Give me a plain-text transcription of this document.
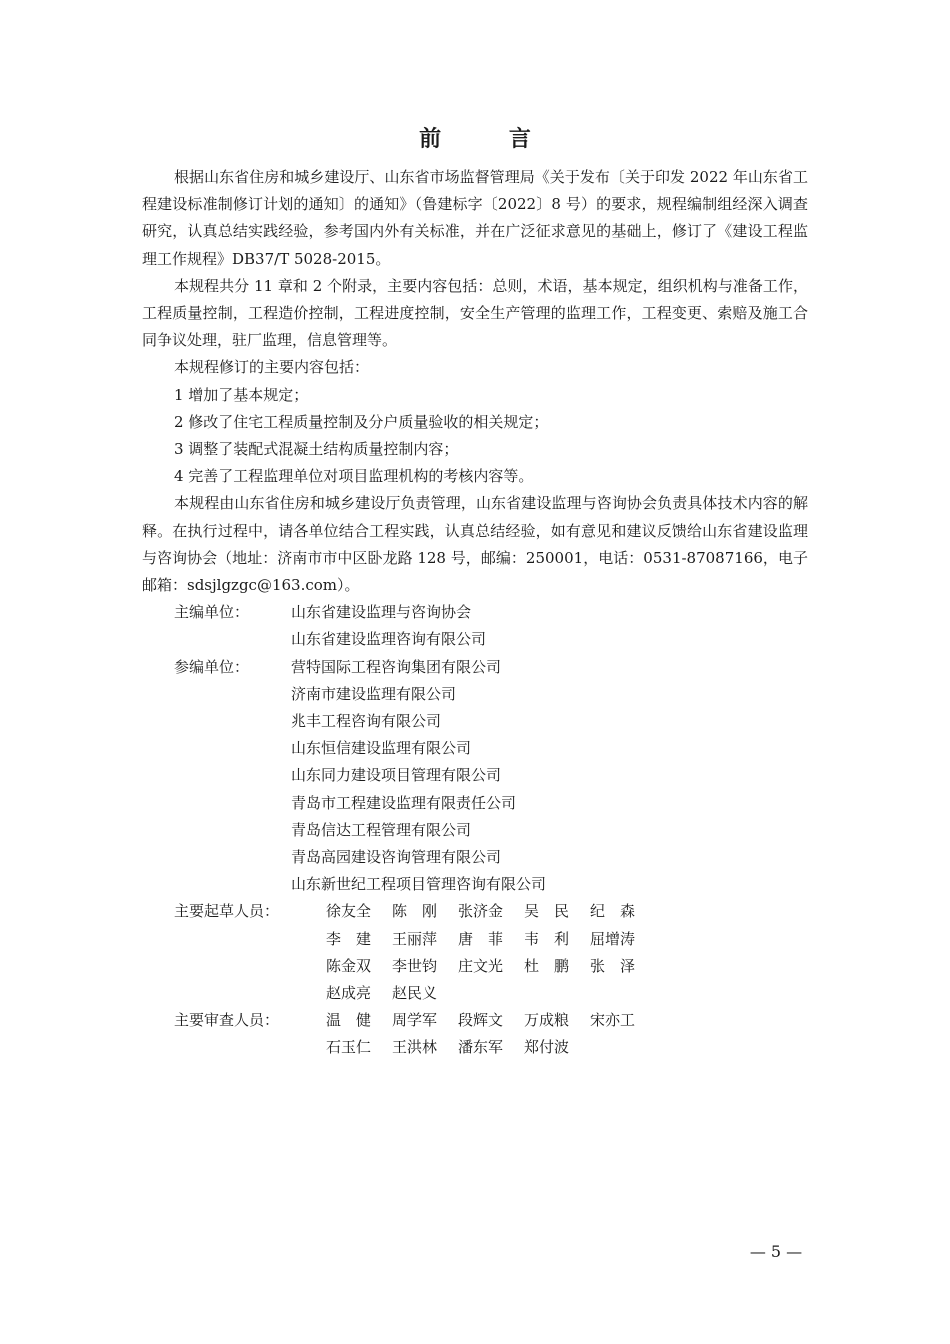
前 言

根据山东省住房和城乡建设厅、山东省市场监督管理局《关于发布〔关于印发 2022 年山东省工程建设标准制修订计划的通知〕的通知》（鲁建标字〔2022〕8 号）的要求，规程编制组经深入调查研究，认真总结实践经验，参考国内外有关标准，并在广泛征求意见的基础上，修订了《建设工程监理工作规程》DB37/T 5028-2015。

本规程共分 11 章和 2 个附录，主要内容包括：总则，术语，基本规定，组织机构与准备工作，工程质量控制，工程造价控制，工程进度控制，安全生产管理的监理工作，工程变更、索赔及施工合同争议处理，驻厂监理，信息管理等。

本规程修订的主要内容包括：

1 增加了基本规定；
2 修改了住宅工程质量控制及分户质量验收的相关规定；
3 调整了装配式混凝土结构质量控制内容；
4 完善了工程监理单位对项目监理机构的考核内容等。

本规程由山东省住房和城乡建设厅负责管理，山东省建设监理与咨询协会负责具体技术内容的解释。在执行过程中，请各单位结合工程实践，认真总结经验，如有意见和建议反馈给山东省建设监理与咨询协会（地址：济南市市中区卧龙路 128 号，邮编：250001，电话：0531-87087166，电子邮箱：sdsjlgzgc@163.com）。

主编单位：	山东省建设监理与咨询协会
山东省建设监理咨询有限公司
参编单位：	营特国际工程咨询集团有限公司
济南市建设监理有限公司
兆丰工程咨询有限公司
山东恒信建设监理有限公司
山东同力建设项目管理有限公司
青岛市工程建设监理有限责任公司
青岛信达工程管理有限公司
青岛高园建设咨询管理有限公司
山东新世纪工程项目管理咨询有限公司
主要起草人员：	徐友全	陈　刚	张济金	吴　民	纪　森
李　建	王丽萍	唐　菲	韦　利	屈增涛
陈金双	李世钧	庄文光	杜　鹏	张　泽
赵成亮	赵民义
主要审查人员：	温　健	周学军	段辉文	万成粮	宋亦工
石玉仁	王洪林	潘东军	郑付波
— 5 —
